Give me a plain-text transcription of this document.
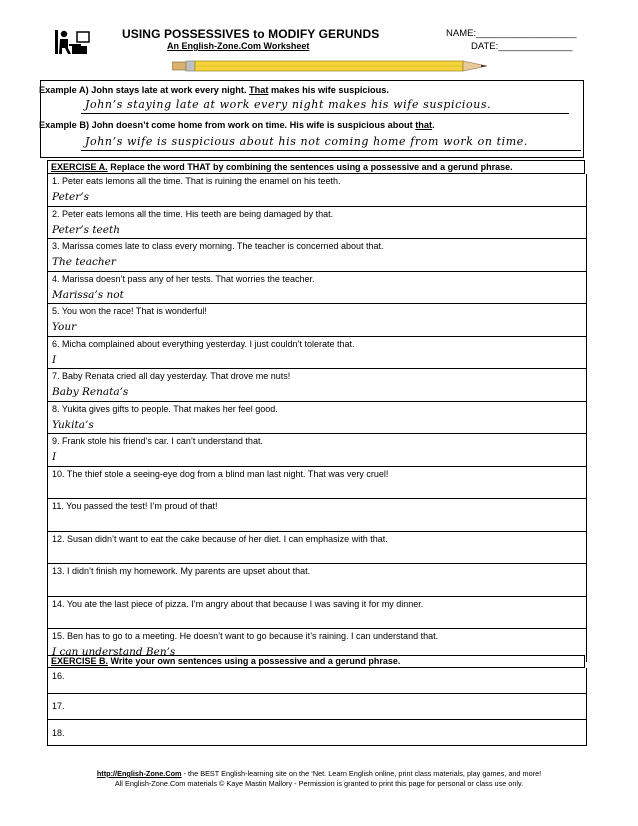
USING POSSESSIVES to MODIFY GERUNDS
An English-Zone.Com Worksheet
NAME:___________________
DATE:______________
Example A) John stays late at work every night. That makes his wife suspicious.
John’s staying late at work every night makes his wife suspicious.
Example B) John doesn’t come home from work on time. His wife is suspicious about that.
John’s wife is suspicious about his not coming home from work on time.
EXERCISE A. Replace the word THAT by combining the sentences using a possessive and a gerund phrase.
1. Peter eats lemons all the time. That is ruining the enamel on his teeth.
Peter’s
2. Peter eats lemons all the time. His teeth are being damaged by that.
Peter’s teeth
3. Marissa comes late to class every morning. The teacher is concerned about that.
The teacher
4. Marissa doesn’t pass any of her tests. That worries the teacher.
Marissa’s not
5. You won the race! That is wonderful!
Your
6. Micha complained about everything yesterday. I just couldn’t tolerate that.
I
7. Baby Renata cried all day yesterday. That drove me nuts!
Baby Renata’s
8. Yukita gives gifts to people. That makes her feel good.
Yukita’s
9. Frank stole his friend’s car. I can’t understand that.
I
10. The thief stole a seeing-eye dog from a blind man last night. That was very cruel!
11. You passed the test! I’m proud of that!
12. Susan didn’t want to eat the cake because of her diet. I can emphasize with that.
13. I didn’t finish my homework. My parents are upset about that.
14. You ate the last piece of pizza. I’m angry about that because I was saving it for my dinner.
15. Ben has to go to a meeting. He doesn’t want to go because it’s raining. I can understand that.
I can understand Ben’s
EXERCISE B. Write your own sentences using a possessive and a gerund phrase.
16.
17.
18.
http://English-Zone.Com - the BEST English-learning site on the ‘Net. Learn English online, print class materials, play games, and more!
All English-Zone.Com materials © Kaye Mastin Mallory - Permission is granted to print this page for personal or class use only.
